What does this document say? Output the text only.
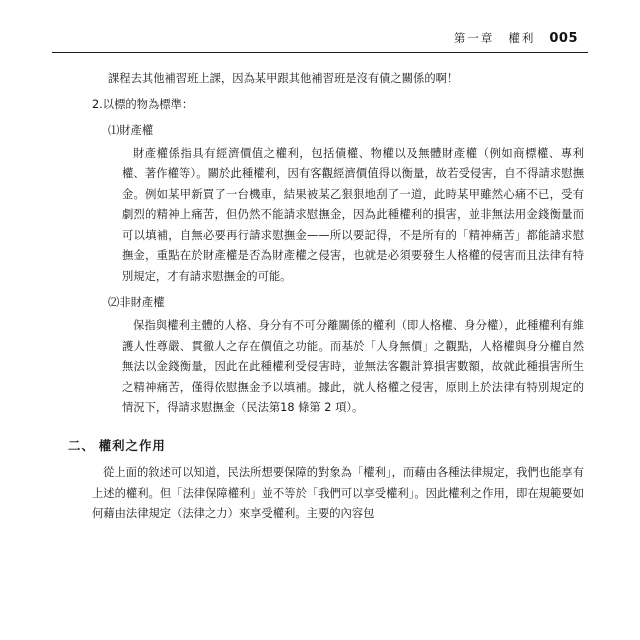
第一章 權利 005

課程去其他補習班上課，因為某甲跟其他補習班是沒有債之關係的啊！

2.以標的物為標準：

⑴財產權

財產權係指具有經濟價值之權利，包括債權、物權以及無體財產權（例如商標權、專利權、著作權等）。關於此種權利，因有客觀經濟價值得以衡量，故若受侵害，自不得請求慰撫金。例如某甲新買了一台機車，結果被某乙狠狠地刮了一道，此時某甲雖然心痛不已，受有劇烈的精神上痛苦，但仍然不能請求慰撫金，因為此種權利的損害，並非無法用金錢衡量而可以填補，自無必要再行請求慰撫金——所以要記得，不是所有的「精神痛苦」都能請求慰撫金，重點在於財產權是否為財產權之侵害，也就是必須要發生人格權的侵害而且法律有特別規定，才有請求慰撫金的可能。

⑵非財產權

保指與權利主體的人格、身分有不可分離關係的權利（即人格權、身分權），此種權利有維護人性尊嚴、貫徹人之存在價值之功能。而基於「人身無價」之觀點，人格權與身分權自然無法以金錢衡量，因此在此種權利受侵害時，並無法客觀計算損害數額，故就此種損害所生之精神痛苦，僅得依慰撫金予以填補。據此，就人格權之侵害，原則上於法律有特別規定的情況下，得請求慰撫金（民法第18 條第 2 項）。

二、 權利之作用

從上面的敘述可以知道，民法所想要保障的對象為「權利」，而藉由各種法律規定，我們也能享有上述的權利。但「法律保障權利」並不等於「我們可以享受權利」。因此權利之作用，即在規範要如何藉由法律規定（法律之力）來享受權利。主要的內容包
